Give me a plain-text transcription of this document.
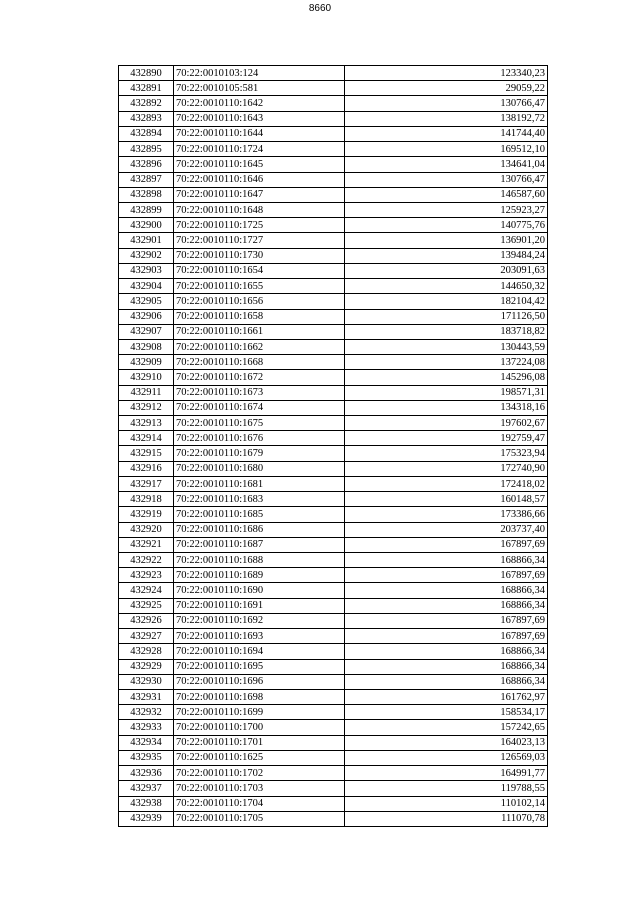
8660
432890	70:22:0010103:124	123340,23
432891	70:22:0010105:581	29059,22
432892	70:22:0010110:1642	130766,47
432893	70:22:0010110:1643	138192,72
432894	70:22:0010110:1644	141744,40
432895	70:22:0010110:1724	169512,10
432896	70:22:0010110:1645	134641,04
432897	70:22:0010110:1646	130766,47
432898	70:22:0010110:1647	146587,60
432899	70:22:0010110:1648	125923,27
432900	70:22:0010110:1725	140775,76
432901	70:22:0010110:1727	136901,20
432902	70:22:0010110:1730	139484,24
432903	70:22:0010110:1654	203091,63
432904	70:22:0010110:1655	144650,32
432905	70:22:0010110:1656	182104,42
432906	70:22:0010110:1658	171126,50
432907	70:22:0010110:1661	183718,82
432908	70:22:0010110:1662	130443,59
432909	70:22:0010110:1668	137224,08
432910	70:22:0010110:1672	145296,08
432911	70:22:0010110:1673	198571,31
432912	70:22:0010110:1674	134318,16
432913	70:22:0010110:1675	197602,67
432914	70:22:0010110:1676	192759,47
432915	70:22:0010110:1679	175323,94
432916	70:22:0010110:1680	172740,90
432917	70:22:0010110:1681	172418,02
432918	70:22:0010110:1683	160148,57
432919	70:22:0010110:1685	173386,66
432920	70:22:0010110:1686	203737,40
432921	70:22:0010110:1687	167897,69
432922	70:22:0010110:1688	168866,34
432923	70:22:0010110:1689	167897,69
432924	70:22:0010110:1690	168866,34
432925	70:22:0010110:1691	168866,34
432926	70:22:0010110:1692	167897,69
432927	70:22:0010110:1693	167897,69
432928	70:22:0010110:1694	168866,34
432929	70:22:0010110:1695	168866,34
432930	70:22:0010110:1696	168866,34
432931	70:22:0010110:1698	161762,97
432932	70:22:0010110:1699	158534,17
432933	70:22:0010110:1700	157242,65
432934	70:22:0010110:1701	164023,13
432935	70:22:0010110:1625	126569,03
432936	70:22:0010110:1702	164991,77
432937	70:22:0010110:1703	119788,55
432938	70:22:0010110:1704	110102,14
432939	70:22:0010110:1705	111070,78
